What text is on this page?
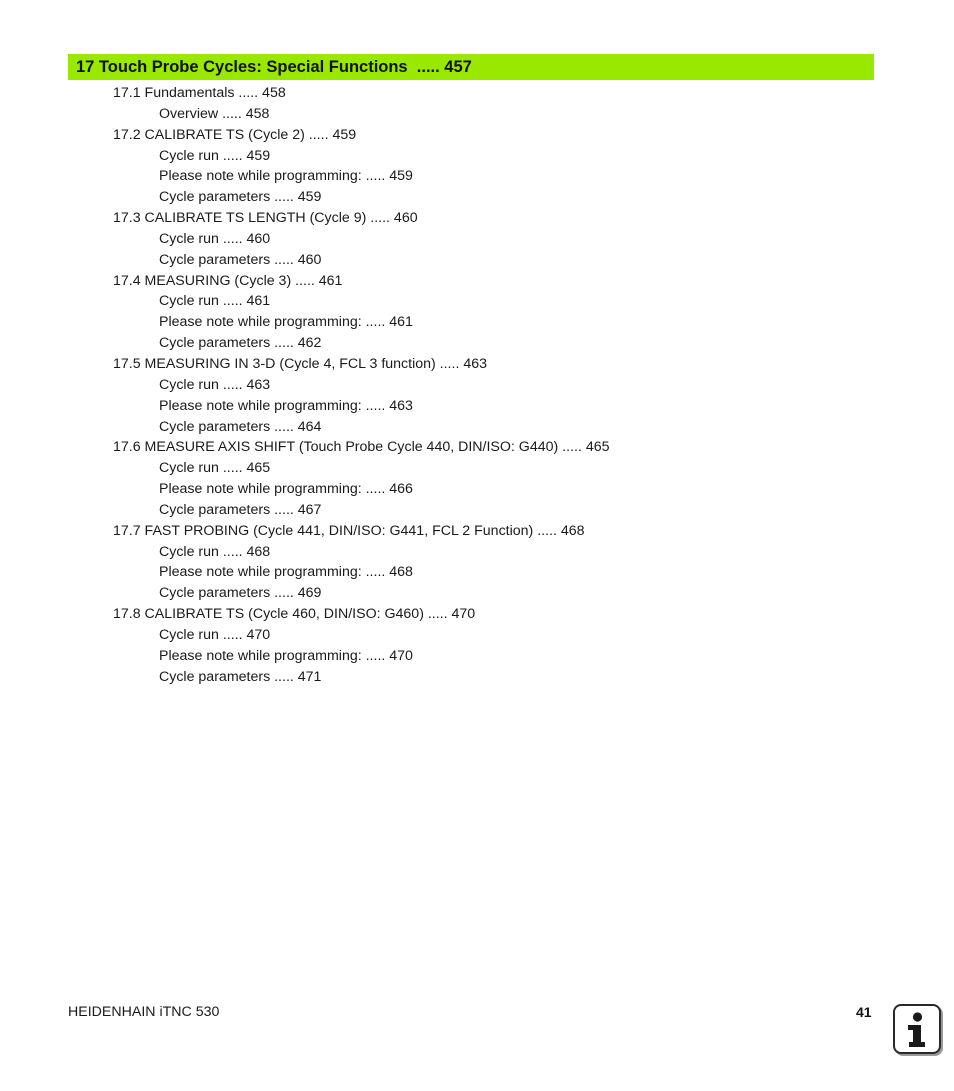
17 Touch Probe Cycles: Special Functions  ..... 457
17.1 Fundamentals ..... 458
Overview ..... 458
17.2 CALIBRATE TS (Cycle 2) ..... 459
Cycle run ..... 459
Please note while programming: ..... 459
Cycle parameters ..... 459
17.3 CALIBRATE TS LENGTH (Cycle 9) ..... 460
Cycle run ..... 460
Cycle parameters ..... 460
17.4 MEASURING (Cycle 3) ..... 461
Cycle run ..... 461
Please note while programming: ..... 461
Cycle parameters ..... 462
17.5 MEASURING IN 3-D (Cycle 4, FCL 3 function) ..... 463
Cycle run ..... 463
Please note while programming: ..... 463
Cycle parameters ..... 464
17.6 MEASURE AXIS SHIFT (Touch Probe Cycle 440, DIN/ISO: G440) ..... 465
Cycle run ..... 465
Please note while programming: ..... 466
Cycle parameters ..... 467
17.7 FAST PROBING (Cycle 441, DIN/ISO: G441, FCL 2 Function) ..... 468
Cycle run ..... 468
Please note while programming: ..... 468
Cycle parameters ..... 469
17.8 CALIBRATE TS (Cycle 460, DIN/ISO: G460) ..... 470
Cycle run ..... 470
Please note while programming: ..... 470
Cycle parameters ..... 471
HEIDENHAIN iTNC 530	41
